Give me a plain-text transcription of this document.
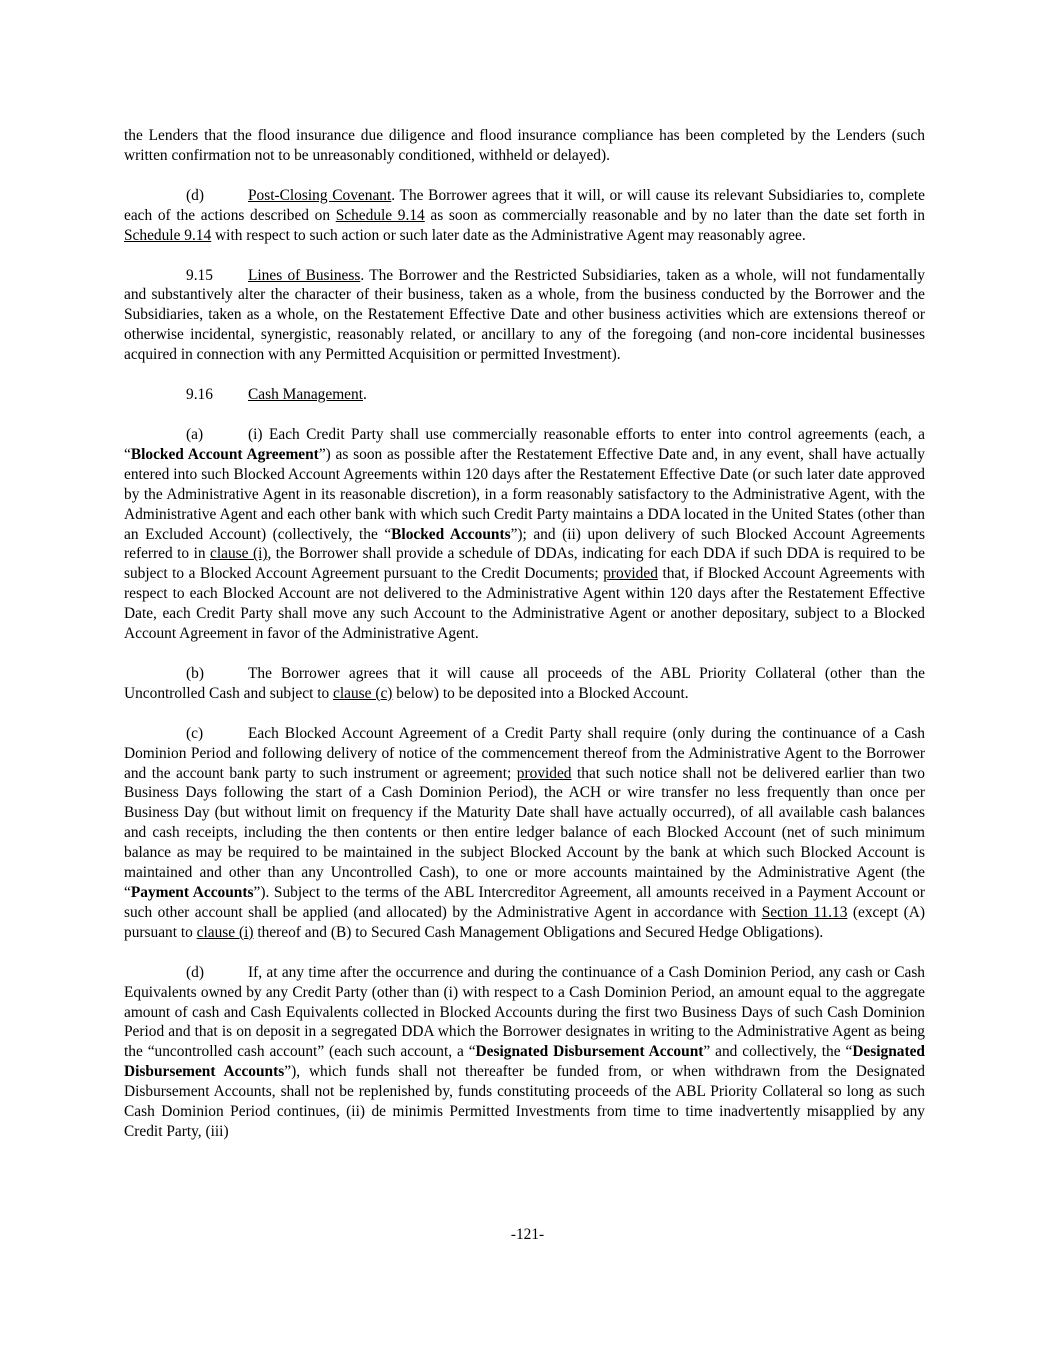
the Lenders that the flood insurance due diligence and flood insurance compliance has been completed by the Lenders (such written confirmation not to be unreasonably conditioned, withheld or delayed).

(d)	Post-Closing Covenant. The Borrower agrees that it will, or will cause its relevant Subsidiaries to, complete each of the actions described on Schedule 9.14 as soon as commercially reasonable and by no later than the date set forth in Schedule 9.14 with respect to such action or such later date as the Administrative Agent may reasonably agree.

9.15 Lines of Business. The Borrower and the Restricted Subsidiaries, taken as a whole, will not fundamentally and substantively alter the character of their business, taken as a whole, from the business conducted by the Borrower and the Subsidiaries, taken as a whole, on the Restatement Effective Date and other business activities which are extensions thereof or otherwise incidental, synergistic, reasonably related, or ancillary to any of the foregoing (and non-core incidental businesses acquired in connection with any Permitted Acquisition or permitted Investment).

9.16 Cash Management.

(a)	(i) Each Credit Party shall use commercially reasonable efforts to enter into control agreements (each, a “Blocked Account Agreement”) as soon as possible after the Restatement Effective Date and, in any event, shall have actually entered into such Blocked Account Agreements within 120 days after the Restatement Effective Date (or such later date approved by the Administrative Agent in its reasonable discretion), in a form reasonably satisfactory to the Administrative Agent, with the Administrative Agent and each other bank with which such Credit Party maintains a DDA located in the United States (other than an Excluded Account) (collectively, the “Blocked Accounts”); and (ii) upon delivery of such Blocked Account Agreements referred to in clause (i), the Borrower shall provide a schedule of DDAs, indicating for each DDA if such DDA is required to be subject to a Blocked Account Agreement pursuant to the Credit Documents; provided that, if Blocked Account Agreements with respect to each Blocked Account are not delivered to the Administrative Agent within 120 days after the Restatement Effective Date, each Credit Party shall move any such Account to the Administrative Agent or another depositary, subject to a Blocked Account Agreement in favor of the Administrative Agent.

(b)	The Borrower agrees that it will cause all proceeds of the ABL Priority Collateral (other than the Uncontrolled Cash and subject to clause (c) below) to be deposited into a Blocked Account.

(c)	Each Blocked Account Agreement of a Credit Party shall require (only during the continuance of a Cash Dominion Period and following delivery of notice of the commencement thereof from the Administrative Agent to the Borrower and the account bank party to such instrument or agreement; provided that such notice shall not be delivered earlier than two Business Days following the start of a Cash Dominion Period), the ACH or wire transfer no less frequently than once per Business Day (but without limit on frequency if the Maturity Date shall have actually occurred), of all available cash balances and cash receipts, including the then contents or then entire ledger balance of each Blocked Account (net of such minimum balance as may be required to be maintained in the subject Blocked Account by the bank at which such Blocked Account is maintained and other than any Uncontrolled Cash), to one or more accounts maintained by the Administrative Agent (the “Payment Accounts”). Subject to the terms of the ABL Intercreditor Agreement, all amounts received in a Payment Account or such other account shall be applied (and allocated) by the Administrative Agent in accordance with Section 11.13 (except (A) pursuant to clause (i) thereof and (B) to Secured Cash Management Obligations and Secured Hedge Obligations).

(d)	If, at any time after the occurrence and during the continuance of a Cash Dominion Period, any cash or Cash Equivalents owned by any Credit Party (other than (i) with respect to a Cash Dominion Period, an amount equal to the aggregate amount of cash and Cash Equivalents collected in Blocked Accounts during the first two Business Days of such Cash Dominion Period and that is on deposit in a segregated DDA which the Borrower designates in writing to the Administrative Agent as being the “uncontrolled cash account” (each such account, a “Designated Disbursement Account” and collectively, the “Designated Disbursement Accounts”), which funds shall not thereafter be funded from, or when withdrawn from the Designated Disbursement Accounts, shall not be replenished by, funds constituting proceeds of the ABL Priority Collateral so long as such Cash Dominion Period continues, (ii) de minimis Permitted Investments from time to time inadvertently misapplied by any Credit Party, (iii)

-121-
